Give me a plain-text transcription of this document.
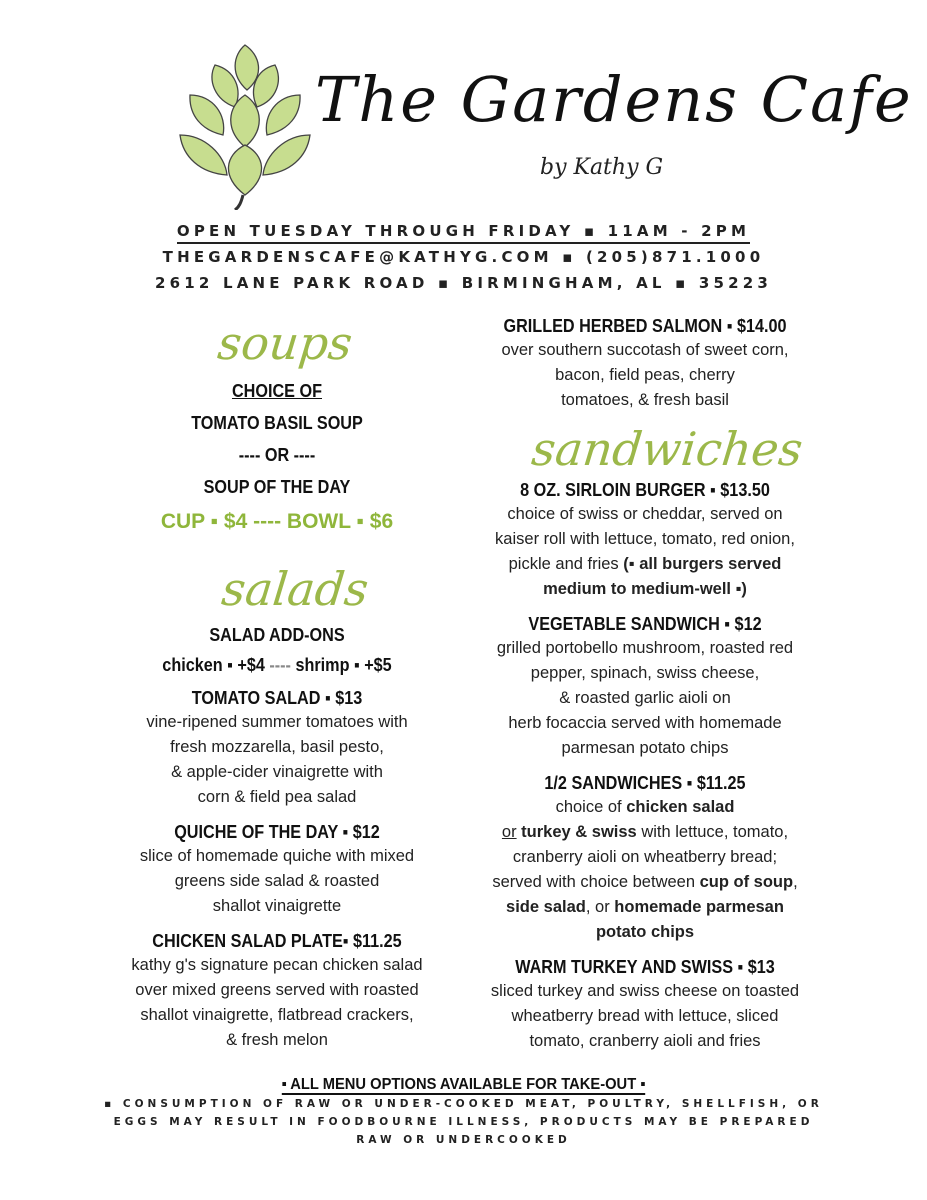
The Gardens Cafe
by Kathy G
OPEN TUESDAY THROUGH FRIDAY ▪ 11AM - 2PM
THEGARDENSCAFE@KATHYG.COM ▪ (205)871.1000
2612 LANE PARK ROAD ▪ BIRMINGHAM, AL ▪ 35223
soups
CHOICE OF
TOMATO BASIL SOUP
---- OR ----
SOUP OF THE DAY
CUP ▪ $4 ---- BOWL ▪ $6
salads
SALAD ADD-ONS
chicken ▪ +$4 ---- shrimp ▪ +$5
TOMATO SALAD ▪ $13
vine-ripened summer tomatoes with
fresh mozzarella, basil pesto,
& apple-cider vinaigrette with
corn & field pea salad
QUICHE OF THE DAY ▪ $12
slice of homemade quiche with mixed
greens side salad & roasted
shallot vinaigrette
CHICKEN SALAD PLATE▪ $11.25
kathy g's signature pecan chicken salad
over mixed greens served with roasted
shallot vinaigrette, flatbread crackers,
& fresh melon
GRILLED HERBED SALMON ▪ $14.00
over southern succotash of sweet corn,
bacon, field peas, cherry
tomatoes, & fresh basil
sandwiches
8 OZ. SIRLOIN BURGER ▪ $13.50
choice of swiss or cheddar, served on
kaiser roll with lettuce, tomato, red onion,
pickle and fries (▪ all burgers served
medium to medium-well ▪)
VEGETABLE SANDWICH ▪ $12
grilled portobello mushroom, roasted red
pepper, spinach, swiss cheese,
& roasted garlic aioli on
herb focaccia served with homemade
parmesan potato chips
1/2 SANDWICHES ▪ $11.25
choice of chicken salad
or turkey & swiss with lettuce, tomato,
cranberry aioli on wheatberry bread;
served with choice between cup of soup,
side salad, or homemade parmesan
potato chips
WARM TURKEY AND SWISS ▪ $13
sliced turkey and swiss cheese on toasted
wheatberry bread with lettuce, sliced
tomato, cranberry aioli and fries
▪ ALL MENU OPTIONS AVAILABLE FOR TAKE-OUT ▪
▪ CONSUMPTION OF RAW OR UNDER-COOKED MEAT, POULTRY, SHELLFISH, OR
EGGS MAY RESULT IN FOODBOURNE ILLNESS, PRODUCTS MAY BE PREPARED
RAW OR UNDERCOOKED
